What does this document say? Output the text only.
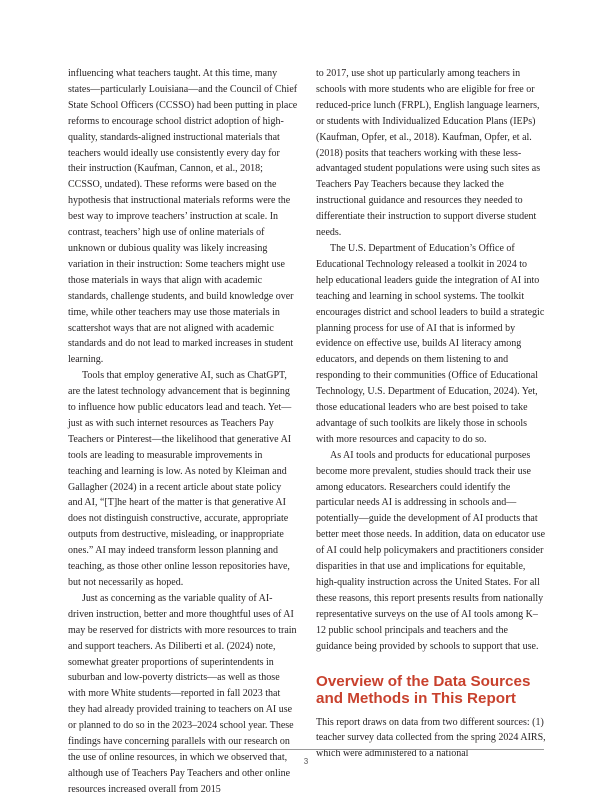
influencing what teachers taught. At this time, many states—particularly Louisiana—and the Council of Chief State School Officers (CCSSO) had been putting in place reforms to encourage school district adoption of high-quality, standards-aligned instructional materials that teachers would ideally use consistently every day for their instruction (Kaufman, Cannon, et al., 2018; CCSSO, undated). These reforms were based on the hypothesis that instructional materials reforms were the best way to improve teachers’ instruction at scale. In contrast, teachers’ high use of online materials of unknown or dubious quality was likely increasing variation in their instruction: Some teachers might use those materials in ways that align with academic standards, challenge students, and build knowledge over time, while other teachers may use those materials in scattershot ways that are not aligned with academic standards and do not lead to marked increases in student learning.

Tools that employ generative AI, such as ChatGPT, are the latest technology advancement that is beginning to influence how public educators lead and teach. Yet—just as with such internet resources as Teachers Pay Teachers or Pinterest—the likelihood that generative AI tools are leading to measurable improvements in teaching and learning is low. As noted by Kleiman and Gallagher (2024) in a recent article about state policy and AI, “[T]he heart of the matter is that generative AI does not distinguish constructive, accurate, appropriate outputs from destructive, misleading, or inappropriate ones.” AI may indeed transform lesson planning and teaching, as those other online lesson repositories have, but not necessarily as hoped.

Just as concerning as the variable quality of AI-driven instruction, better and more thoughtful uses of AI may be reserved for districts with more resources to train and support teachers. As Diliberti et al. (2024) note, somewhat greater proportions of superintendents in suburban and low-poverty districts—as well as those with more White students—reported in fall 2023 that they had already provided training to teachers on AI use or planned to do so in the 2023–2024 school year. These findings have concerning parallels with our research on the use of online resources, in which we observed that, although use of Teachers Pay Teachers and other online resources increased overall from 2015

to 2017, use shot up particularly among teachers in schools with more students who are eligible for free or reduced-price lunch (FRPL), English language learners, or students with Individualized Education Plans (IEPs) (Kaufman, Opfer, et al., 2018). Kaufman, Opfer, et al. (2018) posits that teachers working with these less-advantaged student populations were using such sites as Teachers Pay Teachers because they lacked the instructional guidance and resources they needed to differentiate their instruction to support diverse student needs.

The U.S. Department of Education’s Office of Educational Technology released a toolkit in 2024 to help educational leaders guide the integration of AI into teaching and learning in school systems. The toolkit encourages district and school leaders to build a strategic planning process for use of AI that is informed by evidence on effective use, builds AI literacy among educators, and depends on them listening to and responding to their communities (Office of Educational Technology, U.S. Department of Education, 2024). Yet, those educational leaders who are best poised to take advantage of such toolkits are likely those in schools with more resources and capacity to do so.

As AI tools and products for educational purposes become more prevalent, studies should track their use among educators. Researchers could identify the particular needs AI is addressing in schools and—potentially—guide the development of AI products that better meet those needs. In addition, data on educator use of AI could help policymakers and practitioners consider disparities in that use and implications for equitable, high-quality instruction across the United States. For all these reasons, this report presents results from nationally representative surveys on the use of AI tools among K–12 public school principals and teachers and the guidance being provided by schools to support that use.

Overview of the Data Sources and Methods in This Report

This report draws on data from two different sources: (1) teacher survey data collected from the spring 2024 AIRS, which were administered to a national

3
